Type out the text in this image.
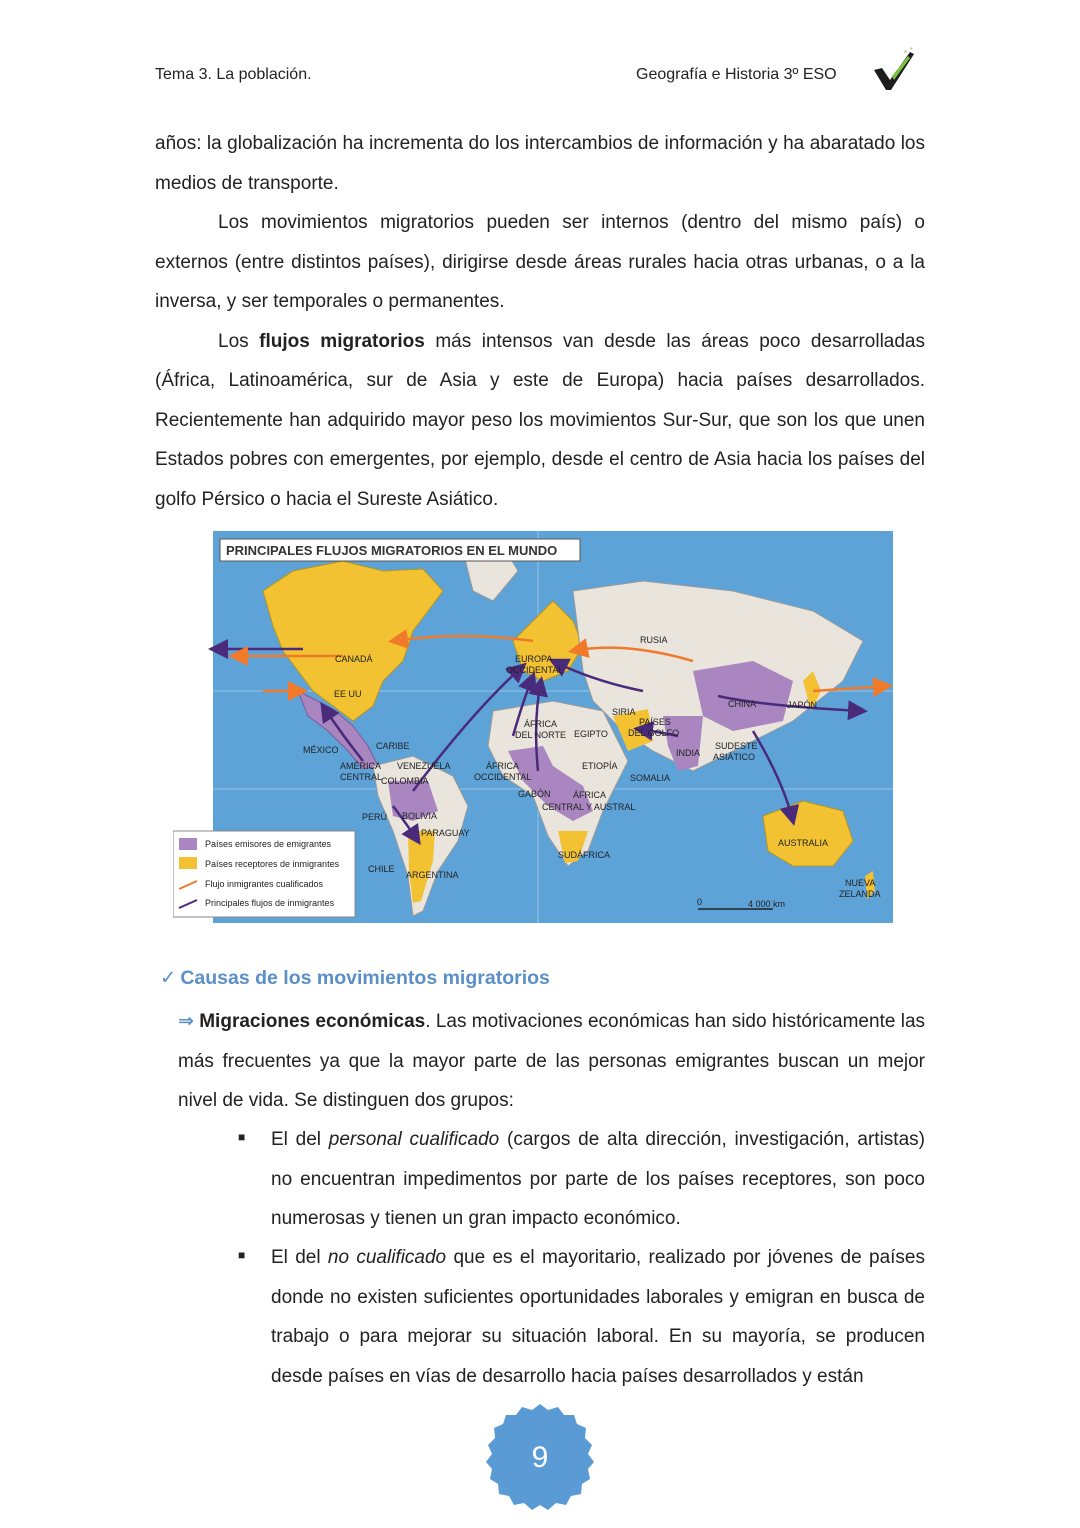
Tema 3. La población.	Geografía e Historia 3º ESO
* *
años: la globalización ha incrementa do los intercambios de información y ha abaratado los medios de transporte.
Los movimientos migratorios pueden ser internos (dentro del mismo país) o externos (entre distintos países), dirigirse desde áreas rurales hacia otras urbanas, o a la inversa, y ser temporales o permanentes.
Los flujos migratorios más intensos van desde las áreas poco desarrolladas (África, Latinoamérica, sur de Asia y este de Europa) hacia países desarrollados. Recientemente han adquirido mayor peso los movimientos Sur-Sur, que son los que unen Estados pobres con emergentes, por ejemplo, desde el centro de Asia hacia los países del golfo Pérsico o hacia el Sureste Asiático.
PRINCIPALES FLUJOS MIGRATORIOS EN EL MUNDO
CANADÁ
EE UU
MÉXICO	CARIBE
AMÉRICA
CENTRAL
VENEZUELA
COLOMBIA
PERÚ BOLIVIA
PARAGUAY
CHILE
ARGENTINA
EUROPA
OCCIDENTAL
RUSIA
ÁFRICA
DEL NORTE EGIPTO
SIRIA
PAÍSES
DEL GOLFO
CHINA	JAPÓN
INDIA
SUDESTE
ASIÁTICO
ÁFRICA
OCCIDENTAL
ETIOPÍA
SOMALIA
GABÓN ÁFRICA
CENTRAL Y AUSTRAL
SUDÁFRICA
AUSTRALIA
NUEVA
ZELANDA
0	4 000 km
Países emisores de emigrantes
Países receptores de inmigrantes
Flujo inmigrantes cualificados
Principales flujos de inmigrantes
✓ Causas de los movimientos migratorios
⇒ Migraciones económicas. Las motivaciones económicas han sido históricamente las más frecuentes ya que la mayor parte de las personas emigrantes buscan un mejor nivel de vida. Se distinguen dos grupos:
■ El del personal cualificado (cargos de alta dirección, investigación, artistas) no encuentran impedimentos por parte de los países receptores, son poco numerosas y tienen un gran impacto económico.
■ El del no cualificado que es el mayoritario, realizado por jóvenes de países donde no existen suficientes oportunidades laborales y emigran en busca de trabajo o para mejorar su situación laboral. En su mayoría, se producen desde países en vías de desarrollo hacia países desarrollados y están
9
